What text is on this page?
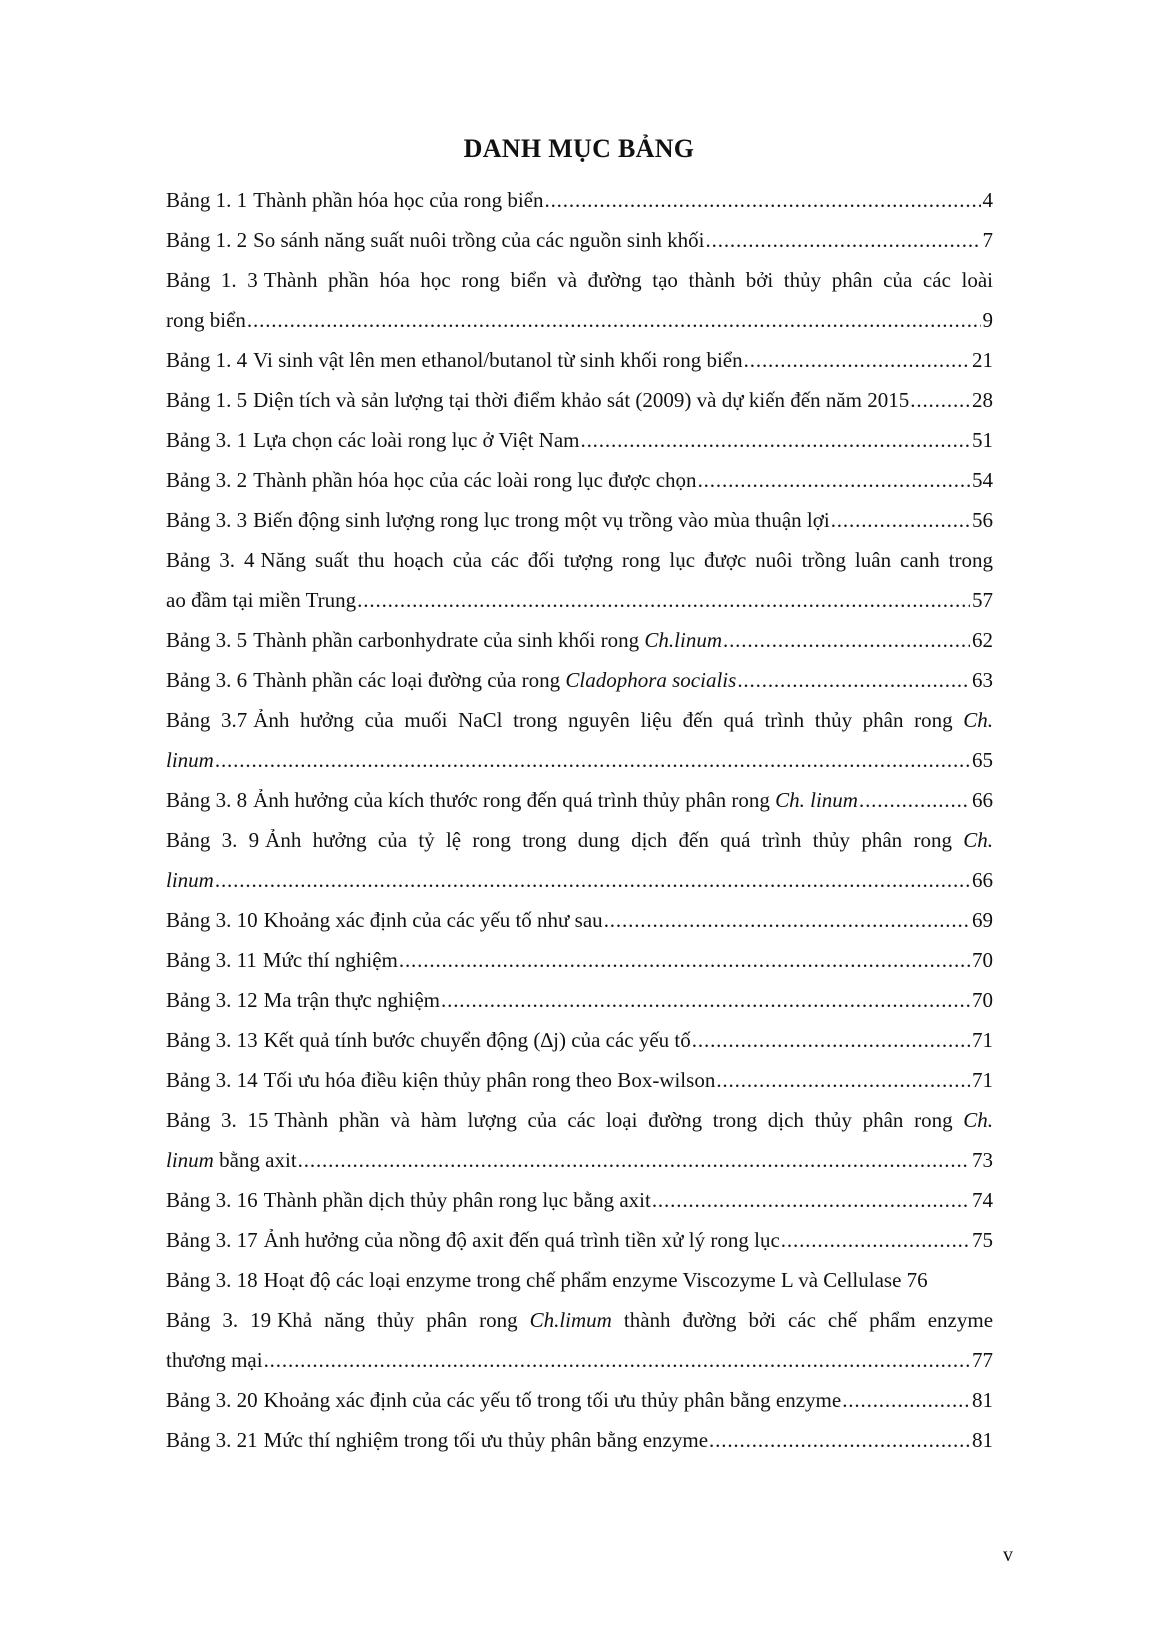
DANH MỤC BẢNG
Bảng 1. 1 Thành phần hóa học của rong biển . . .	4
Bảng 1. 2 So sánh năng suất nuôi trồng của các nguồn sinh khối . . .	7
Bảng 1. 3 Thành phần hóa học rong biển và đường tạo thành bởi thủy phân của các loài
rong biển . . .	9
Bảng 1. 4 Vi sinh vật lên men ethanol/butanol từ sinh khối rong biển . . .	21
Bảng 1. 5 Diện tích và sản lượng tại thời điểm khảo sát (2009) và dự kiến đến năm 2015 . . .	28
Bảng 3. 1 Lựa chọn các loài rong lục ở Việt Nam . . .	51
Bảng 3. 2 Thành phần hóa học của các loài rong lục được chọn . . .	54
Bảng 3. 3 Biến động sinh lượng rong lục trong một vụ trồng vào mùa thuận lợi . . .	56
Bảng 3. 4 Năng suất thu hoạch của các đối tượng rong lục được nuôi trồng luân canh trong
ao đầm tại miền Trung . . .	57
Bảng 3. 5 Thành phần carbonhydrate của sinh khối rong Ch.linum . . .	62
Bảng 3. 6 Thành phần các loại đường của rong Cladophora socialis . . .	63
Bảng 3.7 Ảnh hưởng của muối NaCl trong nguyên liệu đến quá trình thủy phân rong Ch.
linum . . .	65
Bảng 3. 8 Ảnh hưởng của kích thước rong đến quá trình thủy phân rong Ch. linum . . .	66
Bảng 3. 9 Ảnh hưởng của tỷ lệ rong trong dung dịch đến quá trình thủy phân rong Ch.
linum . . .	66
Bảng 3. 10 Khoảng xác định của các yếu tố như sau . . .	69
Bảng 3. 11 Mức thí nghiệm . . .	70
Bảng 3. 12 Ma trận thực nghiệm . . .	70
Bảng 3. 13 Kết quả tính bước chuyển động (∆j) của các yếu tố . . .	71
Bảng 3. 14 Tối ưu hóa điều kiện thủy phân rong theo Box-wilson . . .	71
Bảng 3. 15 Thành phần và hàm lượng của các loại đường trong dịch thủy phân rong Ch.
linum bằng axit . . .	73
Bảng 3. 16 Thành phần dịch thủy phân rong lục bằng axit . . .	74
Bảng 3. 17 Ảnh hưởng của nồng độ axit đến quá trình tiền xử lý rong lục . . .	75
Bảng 3. 18 Hoạt độ các loại enzyme trong chế phẩm enzyme Viscozyme L và Cellulase 76
Bảng 3. 19 Khả năng thủy phân rong Ch.limum thành đường bởi các chế phẩm enzyme
thương mại . . .	77
Bảng 3. 20 Khoảng xác định của các yếu tố trong tối ưu thủy phân bằng enzyme . . .	81
Bảng 3. 21 Mức thí nghiệm trong tối ưu thủy phân bằng enzyme . . .	81
v
